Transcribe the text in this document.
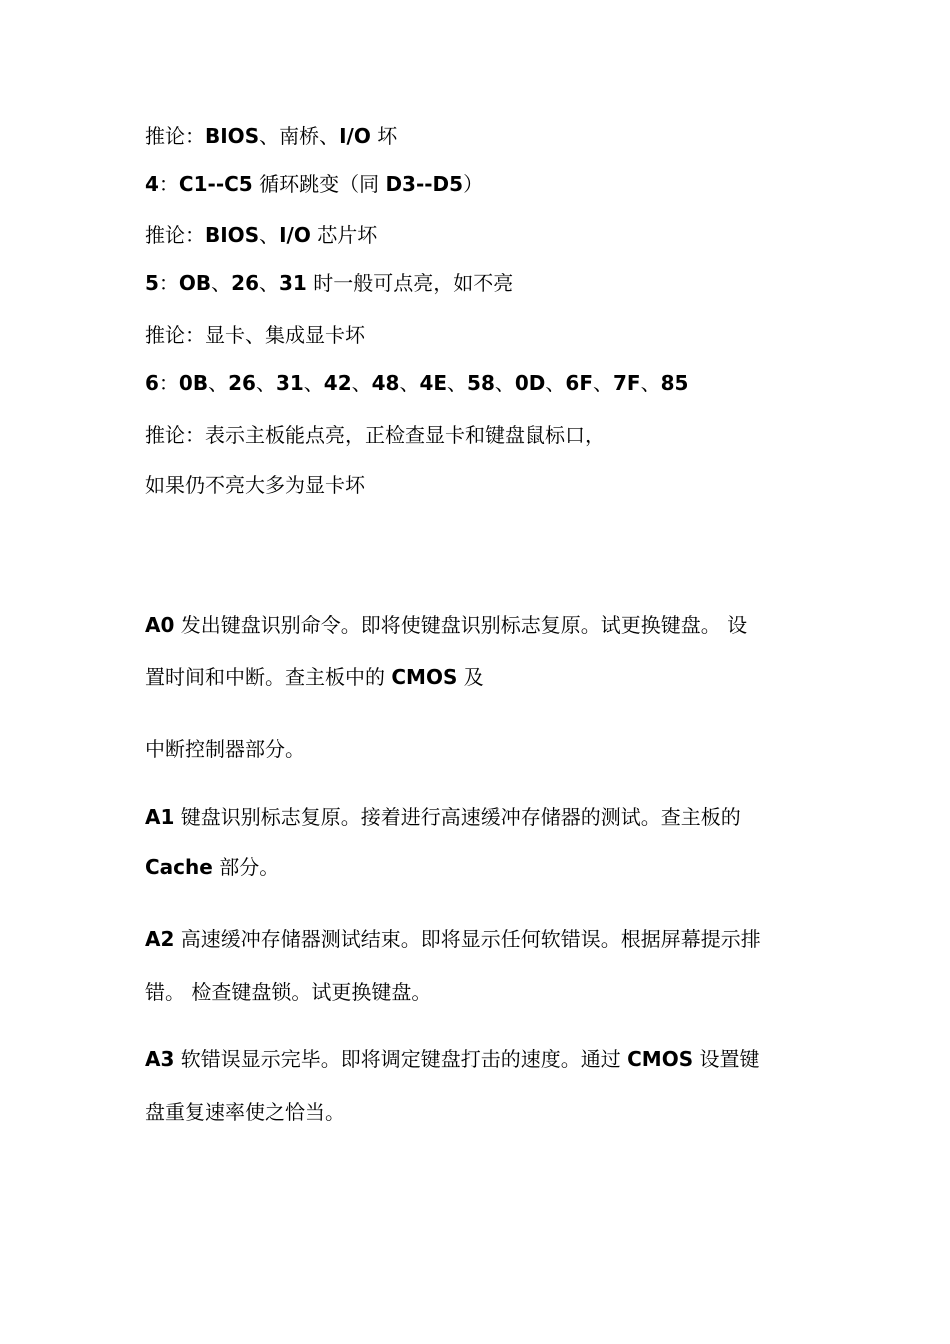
推论：BIOS、南桥、I/O 坏
4：C1--C5 循环跳变（同 D3--D5）
推论：BIOS、I/O 芯片坏
5：OB、26、31 时一般可点亮，如不亮
推论：显卡、集成显卡坏
6：0B、26、31、42、48、4E、58、0D、6F、7F、85
推论：表示主板能点亮，正检查显卡和键盘鼠标口，
如果仍不亮大多为显卡坏
A0 发出键盘识别命令。即将使键盘识别标志复原。试更换键盘。 设
置时间和中断。查主板中的 CMOS 及
中断控制器部分。
A1 键盘识别标志复原。接着进行高速缓冲存储器的测试。查主板的
Cache 部分。
A2 高速缓冲存储器测试结束。即将显示任何软错误。根据屏幕提示排
错。 检查键盘锁。试更换键盘。
A3 软错误显示完毕。即将调定键盘打击的速度。通过 CMOS 设置键
盘重复速率使之恰当。
